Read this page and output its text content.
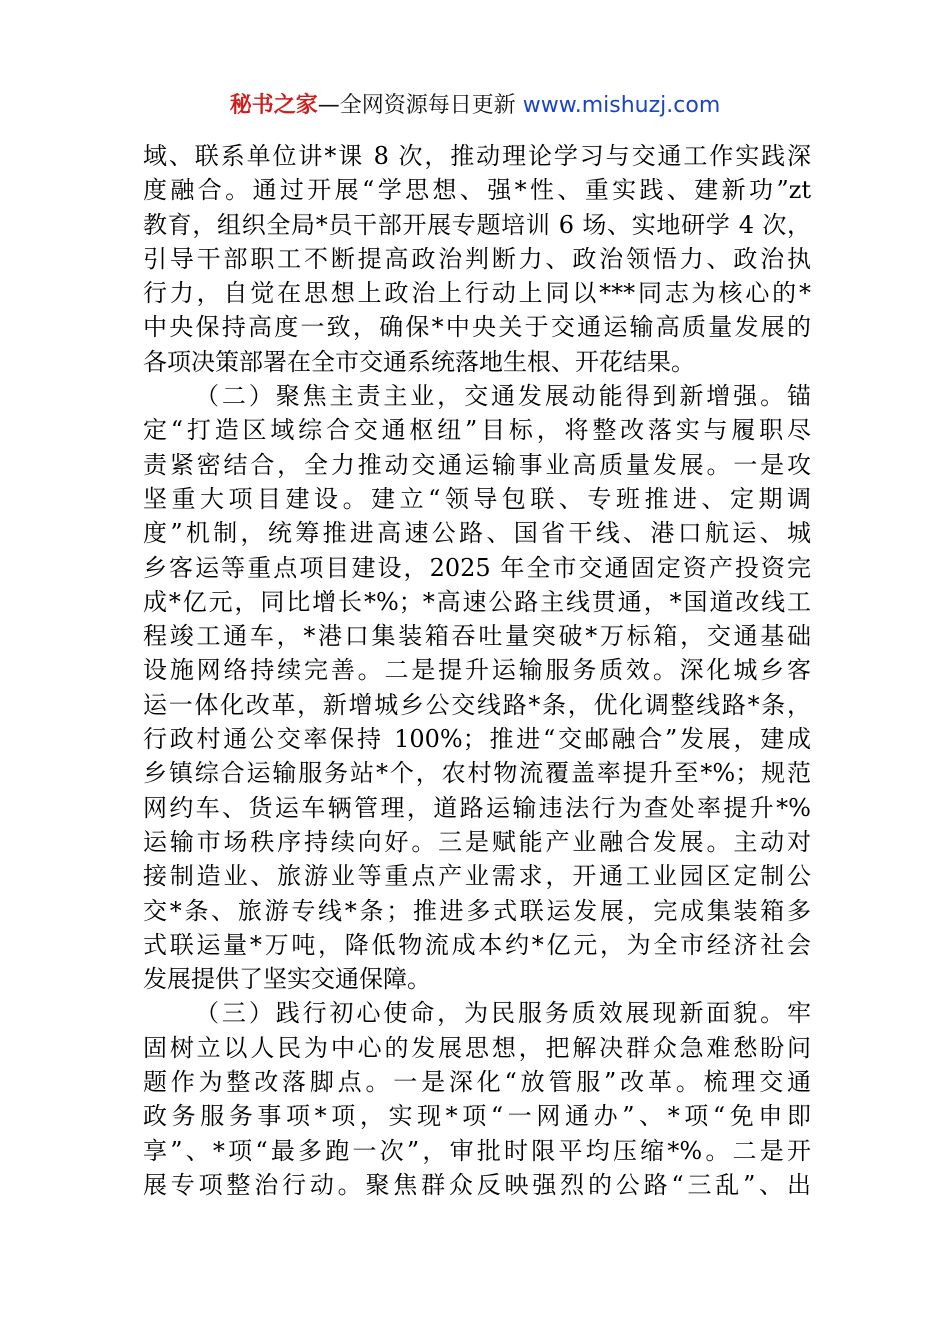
秘书之家—全网资源每日更新 www.mishuzj.com
域、联系单位讲*课 8 次，推动理论学习与交通工作实践深
度融合。通过开展“学思想、强*性、重实践、建新功”zt
教育，组织全局*员干部开展专题培训 6 场、实地研学 4 次，
引导干部职工不断提高政治判断力、政治领悟力、政治执
行力，自觉在思想上政治上行动上同以***同志为核心的*
中央保持高度一致，确保*中央关于交通运输高质量发展的
各项决策部署在全市交通系统落地生根、开花结果。
（二）聚焦主责主业，交通发展动能得到新增强。锚
定“打造区域综合交通枢纽”目标，将整改落实与履职尽
责紧密结合，全力推动交通运输事业高质量发展。一是攻
坚重大项目建设。建立“领导包联、专班推进、定期调
度”机制，统筹推进高速公路、国省干线、港口航运、城
乡客运等重点项目建设，2025 年全市交通固定资产投资完
成*亿元，同比增长*%；*高速公路主线贯通，*国道改线工
程竣工通车，*港口集装箱吞吐量突破*万标箱，交通基础
设施网络持续完善。二是提升运输服务质效。深化城乡客
运一体化改革，新增城乡公交线路*条，优化调整线路*条，
行政村通公交率保持 100%；推进“交邮融合”发展，建成
乡镇综合运输服务站*个，农村物流覆盖率提升至*%；规范
网约车、货运车辆管理，道路运输违法行为查处率提升*%
运输市场秩序持续向好。三是赋能产业融合发展。主动对
接制造业、旅游业等重点产业需求，开通工业园区定制公
交*条、旅游专线*条；推进多式联运发展，完成集装箱多
式联运量*万吨，降低物流成本约*亿元，为全市经济社会
发展提供了坚实交通保障。
（三）践行初心使命，为民服务质效展现新面貌。牢
固树立以人民为中心的发展思想，把解决群众急难愁盼问
题作为整改落脚点。一是深化“放管服”改革。梳理交通
政务服务事项*项，实现*项“一网通办”、*项“免申即
享”、*项“最多跑一次”，审批时限平均压缩*%。二是开
展专项整治行动。聚焦群众反映强烈的公路“三乱”、出
